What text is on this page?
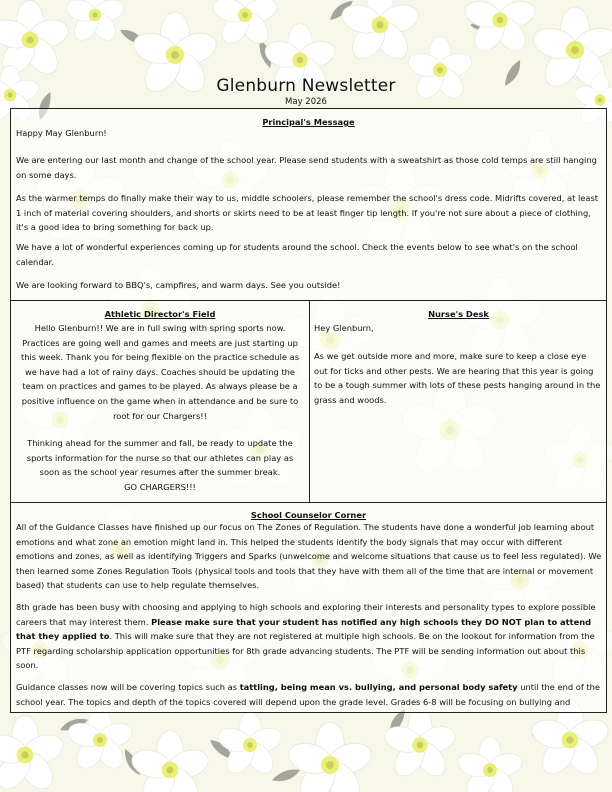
Glenburn Newsletter
May 2026
Principal's Message

Happy May Glenburn!

We are entering our last month and change of the school year. Please send students with a sweatshirt as those cold temps are still hanging on some days.

As the warmer temps do finally make their way to us, middle schoolers, please remember the school's dress code. Midrifts covered, at least 1 inch of material covering shoulders, and shorts or skirts need to be at least finger tip length. If you're not sure about a piece of clothing, it's a good idea to bring something for back up.

We have a lot of wonderful experiences coming up for students around the school. Check the events below to see what's on the school calendar.

We are looking forward to BBQ's, campfires, and warm days. See you outside!

Athletic Director's Field

Hello Glenburn!! We are in full swing with spring sports now. Practices are going well and games and meets are just starting up this week. Thank you for being flexible on the practice schedule as we have had a lot of rainy days. Coaches should be updating the team on practices and games to be played. As always please be a positive influence on the game when in attendance and be sure to root for our Chargers!!

Thinking ahead for the summer and fall, be ready to update the sports information for the nurse so that our athletes can play as soon as the school year resumes after the summer break.

GO CHARGERS!!!

Nurse's Desk

Hey Glenburn,

As we get outside more and more, make sure to keep a close eye out for ticks and other pests. We are hearing that this year is going to be a tough summer with lots of these pests hanging around in the grass and woods.

School Counselor Corner

All of the Guidance Classes have finished up our focus on The Zones of Regulation. The students have done a wonderful job learning about emotions and what zone an emotion might land in. This helped the students identify the body signals that may occur with different emotions and zones, as well as identifying Triggers and Sparks (unwelcome and welcome situations that cause us to feel less regulated). We then learned some Zones Regulation Tools (physical tools and tools that they have with them all of the time that are internal or movement based) that students can use to help regulate themselves.

8th grade has been busy with choosing and applying to high schools and exploring their interests and personality types to explore possible careers that may interest them. Please make sure that your student has notified any high schools they DO NOT plan to attend that they applied to. This will make sure that they are not registered at multiple high schools. Be on the lookout for information from the PTF regarding scholarship application opportunities for 8th grade advancing students. The PTF will be sending information out about this soon.

Guidance classes now will be covering topics such as tattling, being mean vs. bullying, and personal body safety until the end of the school year. The topics and depth of the topics covered will depend upon the grade level. Grades 6-8 will be focusing on bullying and
